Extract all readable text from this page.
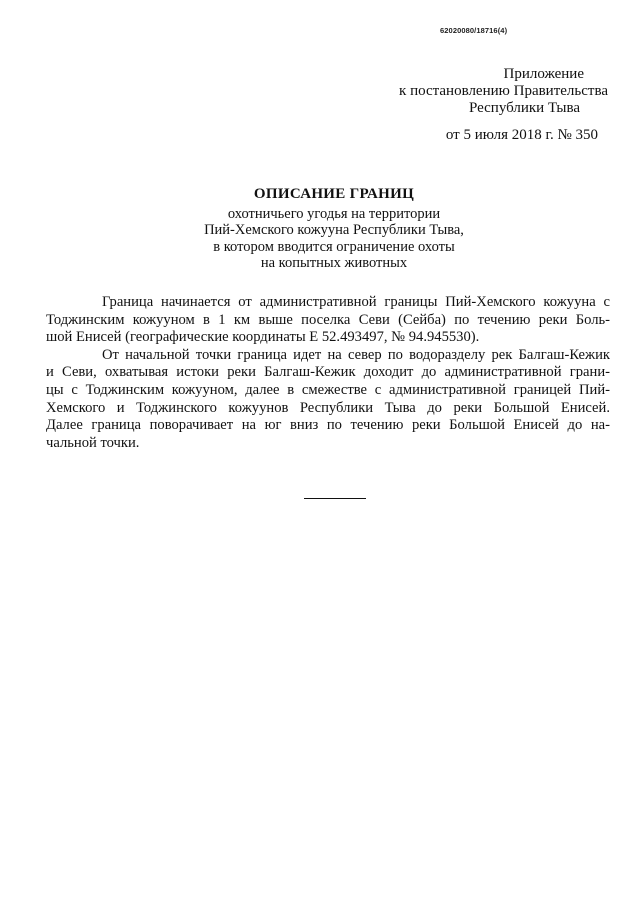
62020080/18716(4)
Приложение
к постановлению Правительства
Республики Тыва
от 5 июля 2018 г. № 350
ОПИСАНИЕ ГРАНИЦ
охотничьего угодья на территории
Пий-Хемского кожууна Республики Тыва,
в котором вводится ограничение охоты
на копытных животных

Граница начинается от административной границы Пий-Хемского кожууна с
Тоджинским кожууном в 1 км выше поселка Севи (Сейба) по течению реки Боль-
шой Енисей (географические координаты Е 52.493497, № 94.945530).

От начальной точки граница идет на север по водоразделу рек Балгаш-Кежик
и Севи, охватывая истоки реки Балгаш-Кежик доходит до административной грани-
цы с Тоджинским кожууном, далее в смежестве с административной границей Пий-
Хемского и Тоджинского кожуунов Республики Тыва до реки Большой Енисей.
Далее граница поворачивает на юг вниз по течению реки Большой Енисей до на-
чальной точки.
